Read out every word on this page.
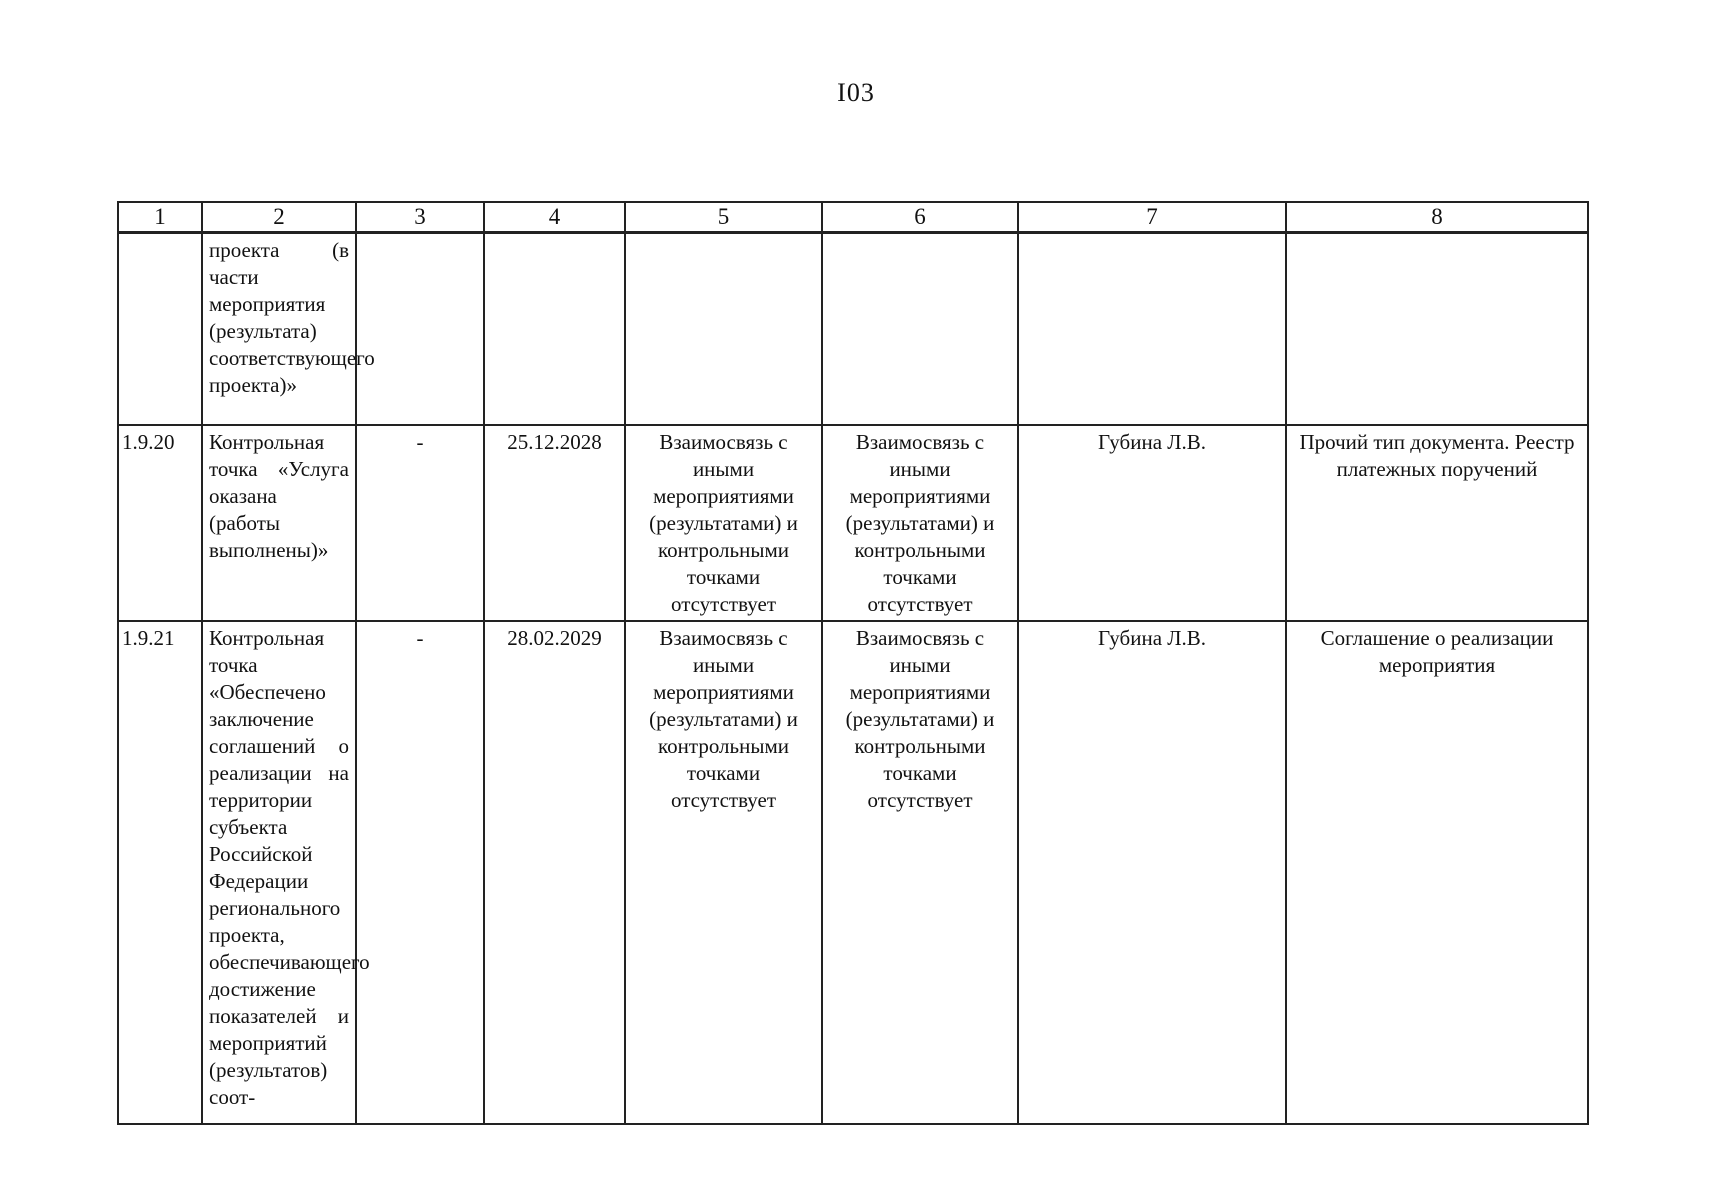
I03
1	2	3	4	5	6	7	8
	проекта (в части мероприятия (результата) соответствующего проекта)»						
1.9.20	Контрольная точка «Услуга оказана (работы выполнены)»	-	25.12.2028	Взаимосвязь с иными мероприятиями (результатами) и контрольными точками отсутствует	Взаимосвязь с иными мероприятиями (результатами) и контрольными точками отсутствует	Губина Л.В.	Прочий тип документа. Реестр платежных поручений
1.9.21	Контрольная точка «Обеспечено заключение соглашений о реализации на территории субъекта Российской Федерации регионального проекта, обеспечивающего достижение показателей и мероприятий (результатов) соот-	-	28.02.2029	Взаимосвязь с иными мероприятиями (результатами) и контрольными точками отсутствует	Взаимосвязь с иными мероприятиями (результатами) и контрольными точками отсутствует	Губина Л.В.	Соглашение о реализации мероприятия
